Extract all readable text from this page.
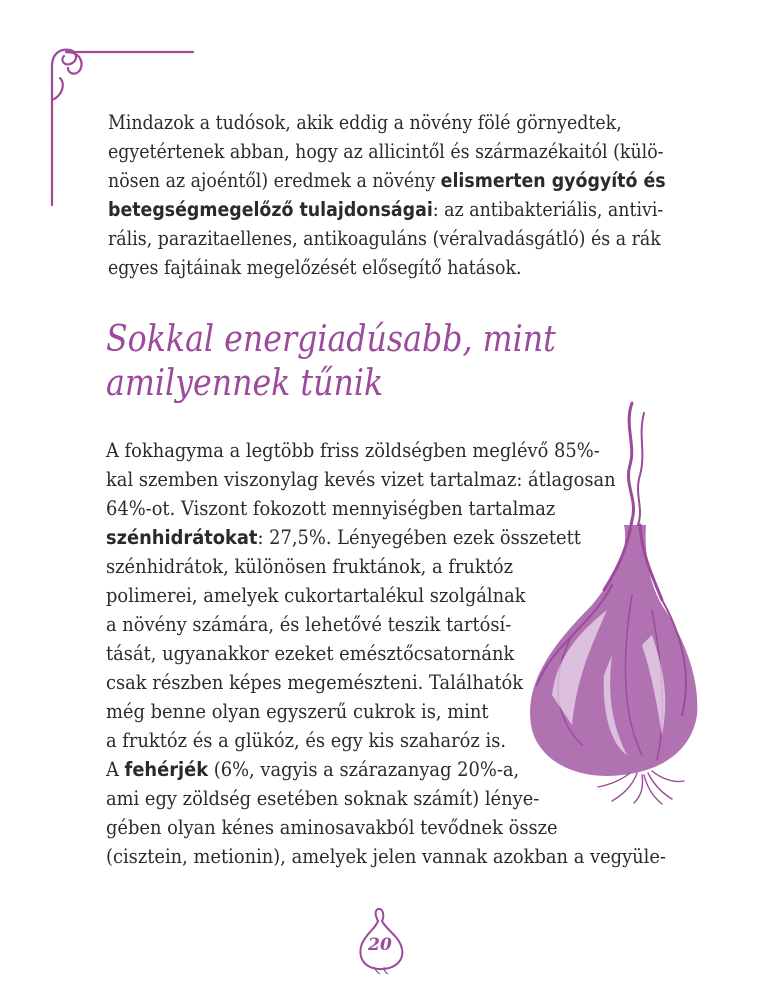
Mindazok a tudósok, akik eddig a növény fölé görnyedtek,
egyetértenek abban, hogy az allicintől és származékaitól (külö-
nösen az ajoéntől) eredmek a növény elismerten gyógyító és
betegségmegelőző tulajdonságai: az antibakteriális, antivi-
rális, parazitaellenes, antikoaguláns (véralvadásgátló) és a rák
egyes fajtáinak megelőzését elősegítő hatások.
Sokkal energiadúsabb, mint
amilyennek tűnik
A fokhagyma a legtöbb friss zöldségben meglévő 85%-
kal szemben viszonylag kevés vizet tartalmaz: átlagosan
64%-ot. Viszont fokozott mennyiségben tartalmaz
szénhidrátokat: 27,5%. Lényegében ezek összetett
szénhidrátok, különösen fruktánok, a fruktóz
polimerei, amelyek cukortartalékul szolgálnak
a növény számára, és lehetővé teszik tartósí-
tását, ugyanakkor ezeket emésztőcsatornánk
csak részben képes megemészteni. Találhatók
még benne olyan egyszerű cukrok is, mint
a fruktóz és a glükóz, és egy kis szaharóz is.
A fehérjék (6%, vagyis a szárazanyag 20%-a,
ami egy zöldség esetében soknak számít) lénye-
gében olyan kénes aminosavakból tevődnek össze
(cisztein, metionin), amelyek jelen vannak azokban a vegyüle-
20
